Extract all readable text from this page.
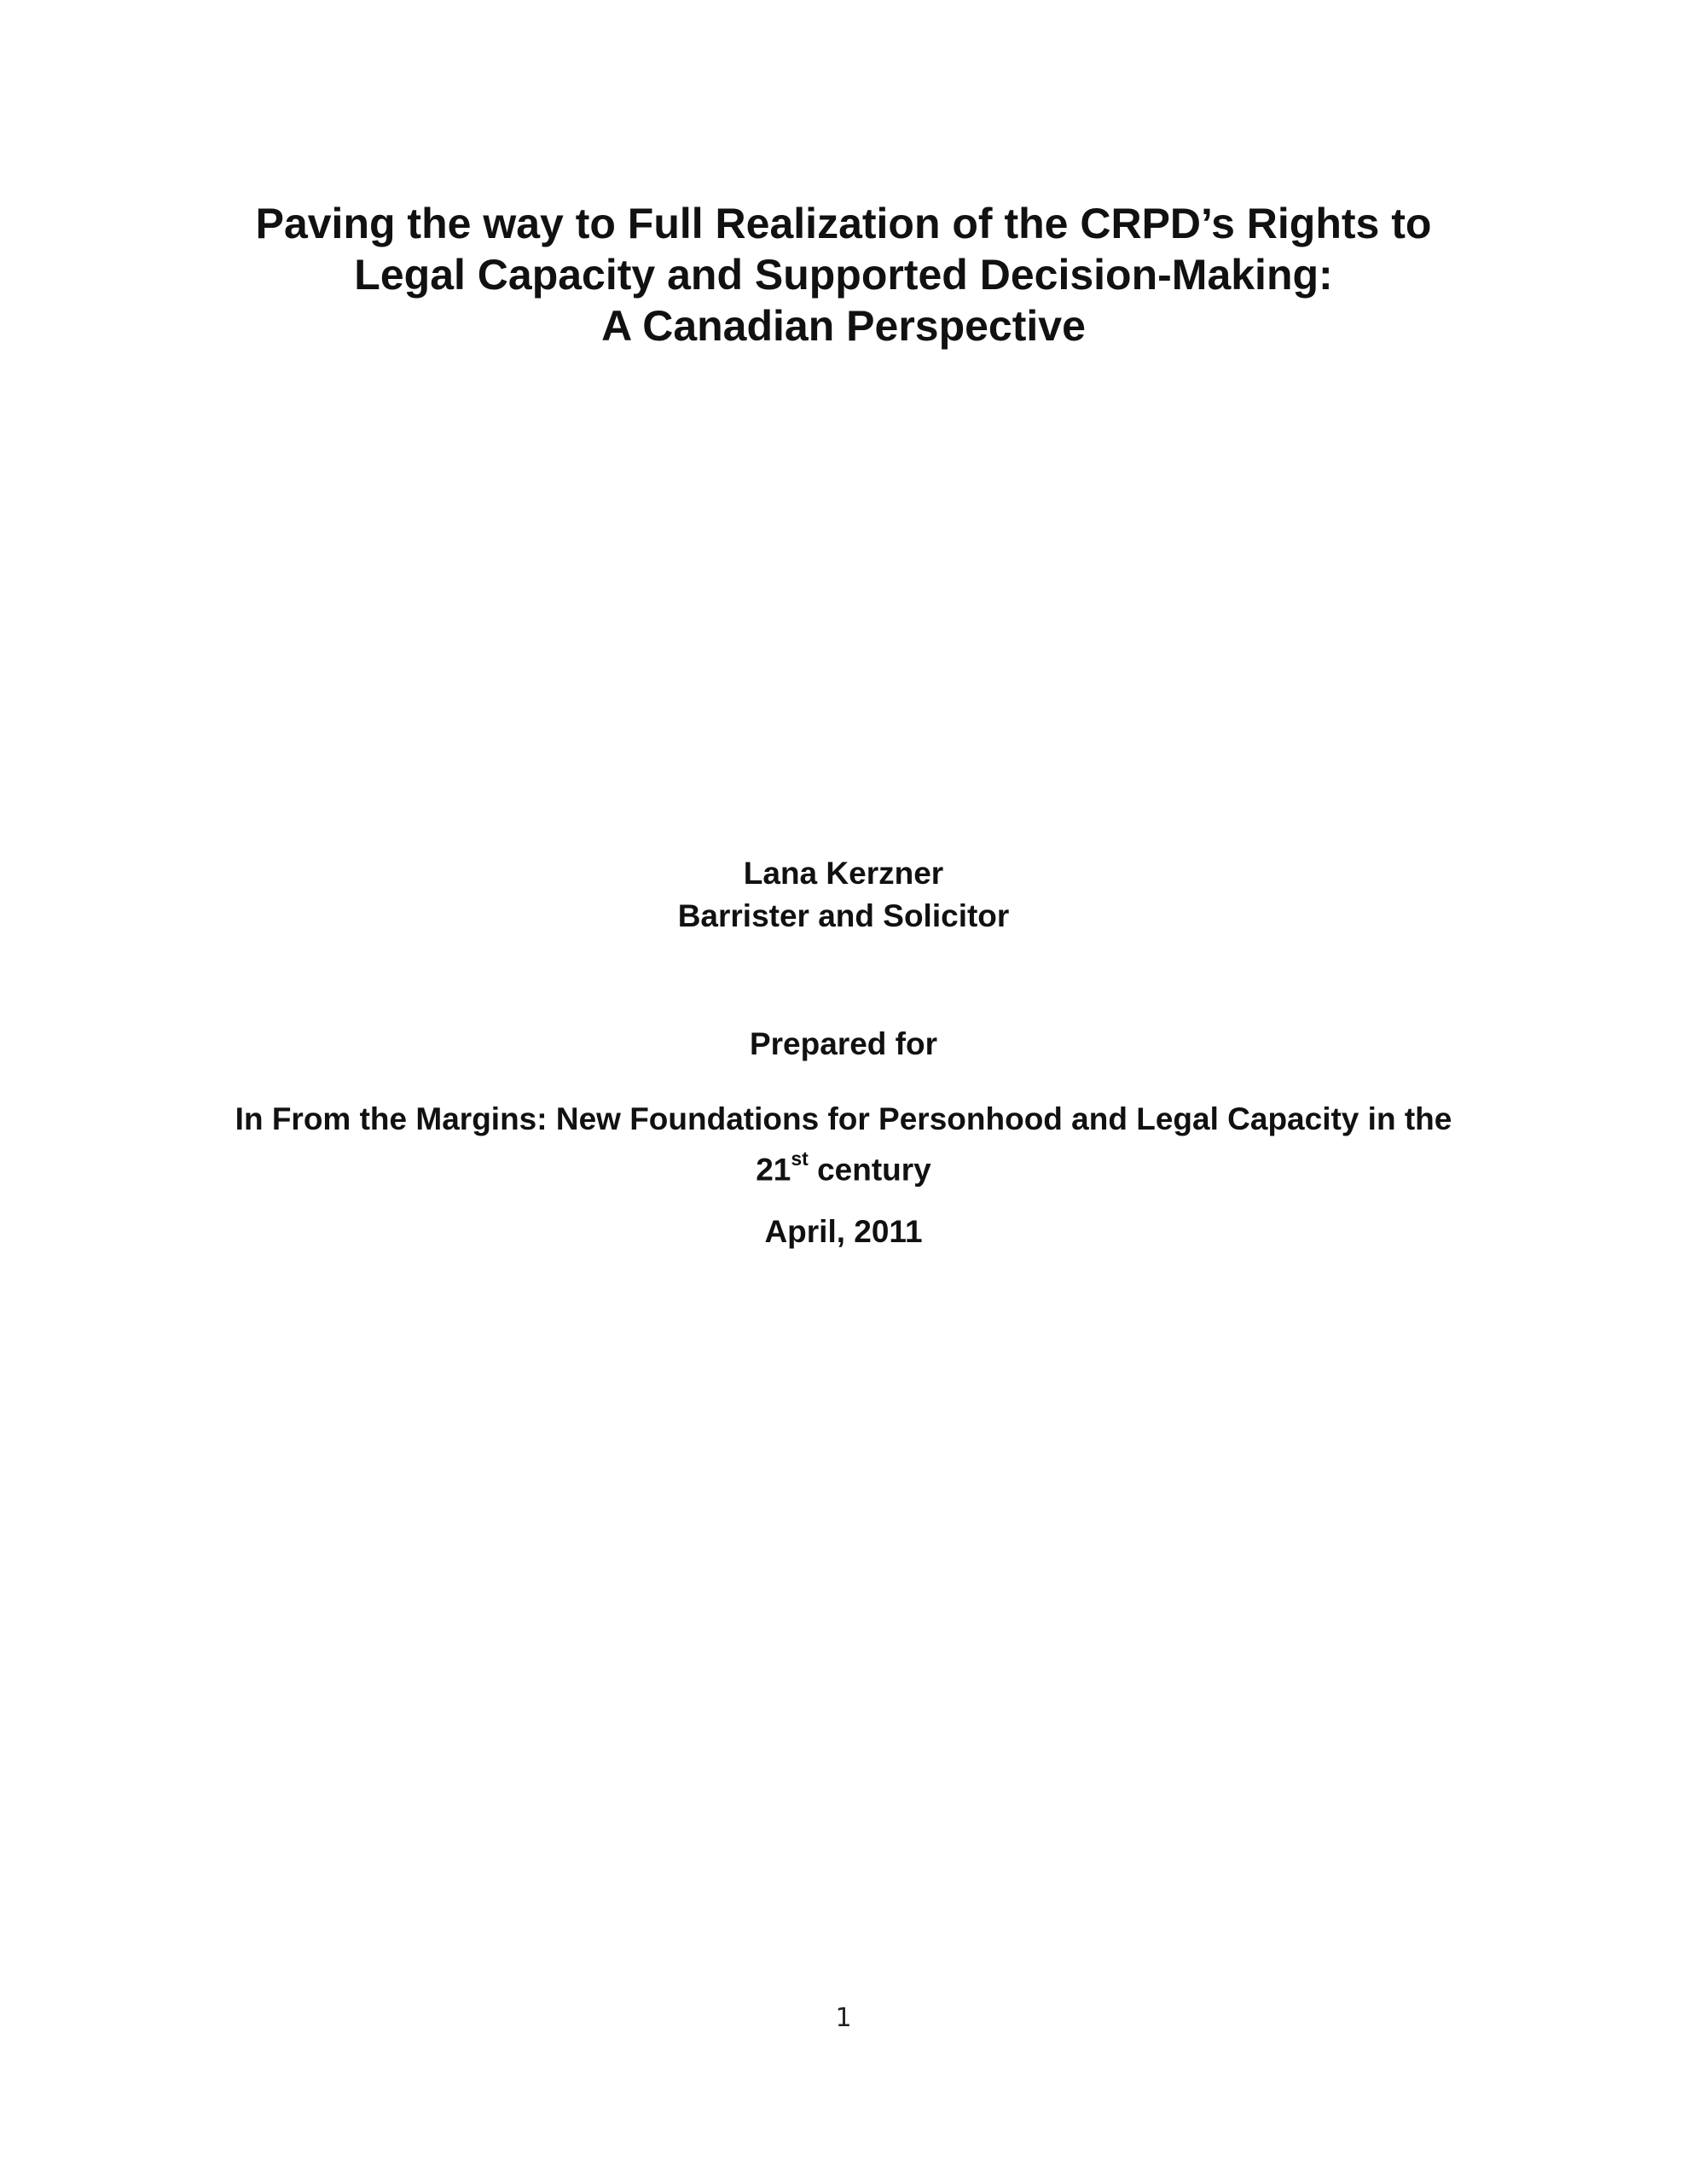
Paving the way to Full Realization of the CRPD’s Rights to
Legal Capacity and Supported Decision-Making:
A Canadian Perspective
Lana Kerzner
Barrister and Solicitor
Prepared for
In From the Margins: New Foundations for Personhood and Legal Capacity in the
21st century
April, 2011
1
